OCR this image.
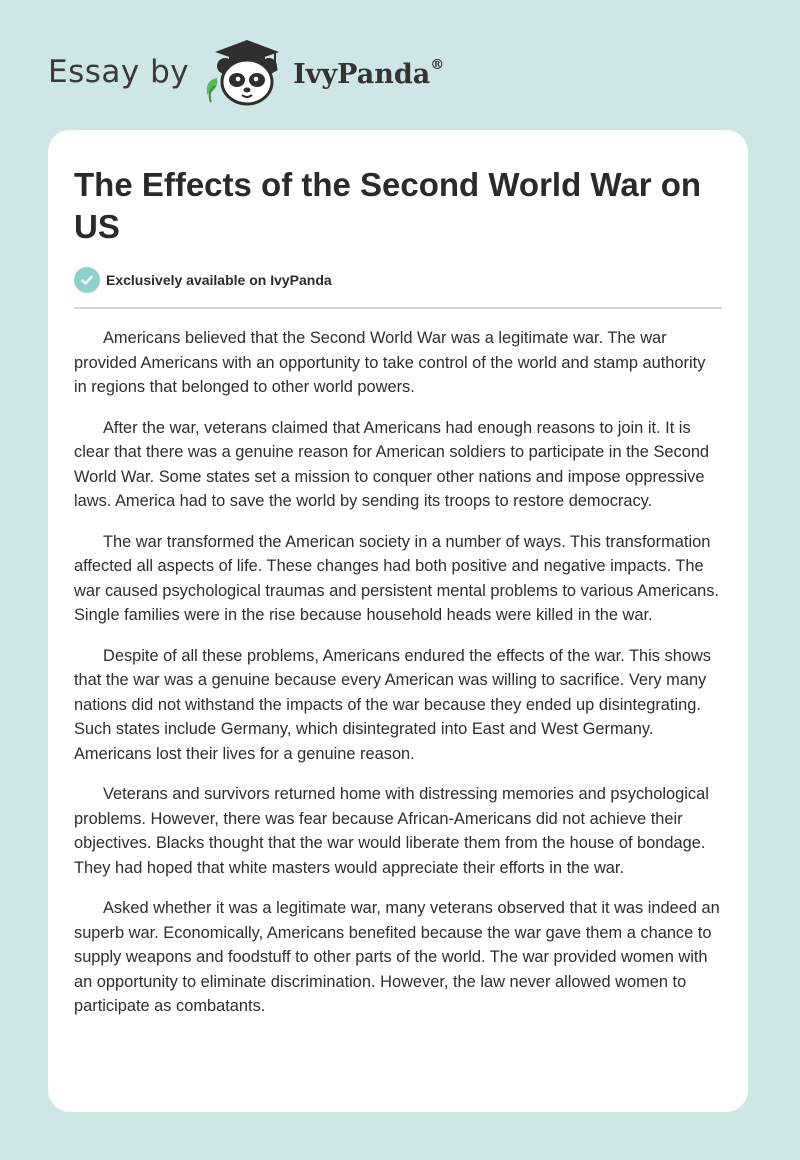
Essay by	IvyPanda®
The Effects of the Second World War on US
Exclusively available on IvyPanda

Americans believed that the Second World War was a legitimate war. The war provided Americans with an opportunity to take control of the world and stamp authority in regions that belonged to other world powers.

After the war, veterans claimed that Americans had enough reasons to join it. It is clear that there was a genuine reason for American soldiers to participate in the Second World War. Some states set a mission to conquer other nations and impose oppressive laws. America had to save the world by sending its troops to restore democracy.

The war transformed the American society in a number of ways. This transformation affected all aspects of life. These changes had both positive and negative impacts. The war caused psychological traumas and persistent mental problems to various Americans. Single families were in the rise because household heads were killed in the war.

Despite of all these problems, Americans endured the effects of the war. This shows that the war was a genuine because every American was willing to sacrifice. Very many nations did not withstand the impacts of the war because they ended up disintegrating. Such states include Germany, which disintegrated into East and West Germany. Americans lost their lives for a genuine reason.

Veterans and survivors returned home with distressing memories and psychological problems. However, there was fear because African-Americans did not achieve their objectives. Blacks thought that the war would liberate them from the house of bondage. They had hoped that white masters would appreciate their efforts in the war.

Asked whether it was a legitimate war, many veterans observed that it was indeed an superb war. Economically, Americans benefited because the war gave them a chance to supply weapons and foodstuff to other parts of the world. The war provided women with an opportunity to eliminate discrimination. However, the law never allowed women to participate as combatants.
